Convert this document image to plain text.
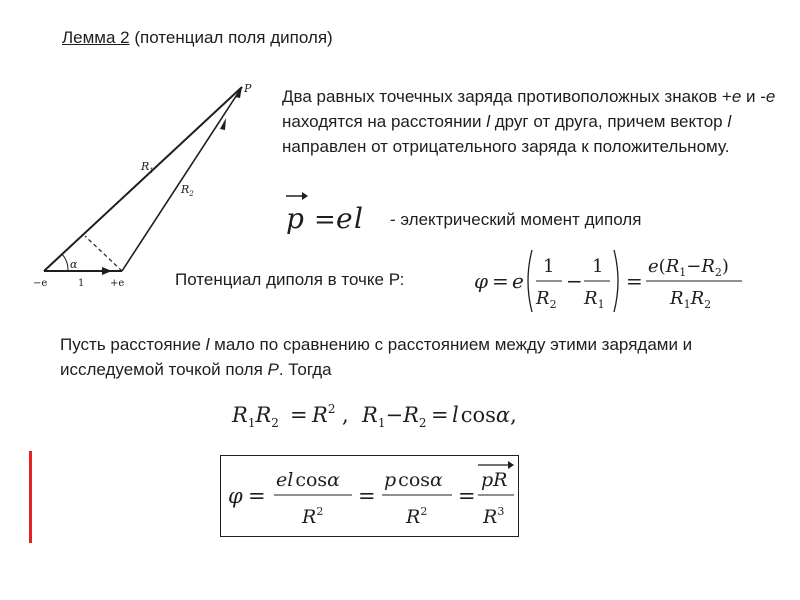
Лемма 2 (потенциал поля диполя)
P
$R_1$
$R_2$
α
−e	1	+e
Два равных точечных заряда противоположных знаков +е и -е находятся на расстоянии l друг от друга, причем вектор l направлен от отрицательного заряда к положительному.
p = e l - электрический момент диполя
Потенциал диполя в точке Р:	φ = e
1
$R_2$
−
1
$R_1$
=
$e(R_1-R_2)$
$R_1R_2$
Пусть расстояние l мало по сравнению с расстоянием между этими зарядами и исследуемой точкой поля P. Тогда
$R_1R_2 = R^2$ , $R_1-R_2 = lcos\alpha$,
φ =
el cosα
$R^2$
=
p cosα
$R^2$
=
pR
$R^3$
